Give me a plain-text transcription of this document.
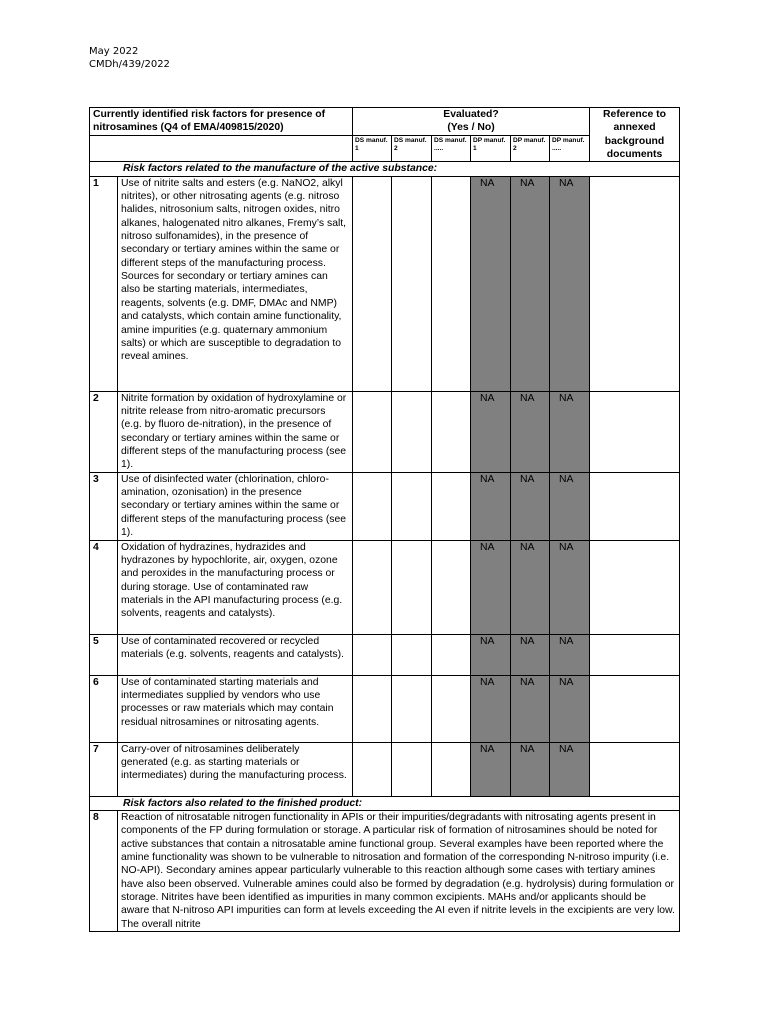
May 2022
CMDh/439/2022
Currently identified risk factors for presence of nitrosamines (Q4 of EMA/409815/2020)		Evaluated?
(Yes / No)						Reference to annexed background documents
		DS manuf. 1	DS manuf. 2	DS manuf. .....	DP manuf. 1	DP manuf. 2	DP manuf. .....	
Risk factors related to the manufacture of the active substance:								
1	Use of nitrite salts and esters (e.g. NaNO2, alkyl nitrites), or other nitrosating agents (e.g. nitroso halides, nitrosonium salts, nitrogen oxides, nitro alkanes, halogenated nitro alkanes, Fremy’s salt, nitroso sulfonamides), in the presence of secondary or tertiary amines within the same or different steps of the manufacturing process. Sources for secondary or tertiary amines can also be starting materials, intermediates, reagents, solvents (e.g. DMF, DMAc and NMP) and catalysts, which contain amine functionality, amine impurities (e.g. quaternary ammonium salts) or which are susceptible to degradation to reveal amines.				NA	NA	NA	
2	Nitrite formation by oxidation of hydroxylamine or nitrite release from nitro-aromatic precursors (e.g. by fluoro de-nitration), in the presence of secondary or tertiary amines within the same or different steps of the manufacturing process (see 1).				NA	NA	NA	
3	Use of disinfected water (chlorination, chloro-amination, ozonisation) in the presence secondary or tertiary amines within the same or different steps of the manufacturing process (see 1).				NA	NA	NA	
4	Oxidation of hydrazines, hydrazides and hydrazones by hypochlorite, air, oxygen, ozone and peroxides in the manufacturing process or during storage. Use of contaminated raw materials in the API manufacturing process (e.g. solvents, reagents and catalysts).				NA	NA	NA	
5	Use of contaminated recovered or recycled materials (e.g. solvents, reagents and catalysts).				NA	NA	NA	
6	Use of contaminated starting materials and intermediates supplied by vendors who use processes or raw materials which may contain residual nitrosamines or nitrosating agents.				NA	NA	NA	
7	Carry-over of nitrosamines deliberately generated (e.g. as starting materials or intermediates) during the manufacturing process.				NA	NA	NA	
Risk factors also related to the finished product:								
8	Reaction of nitrosatable nitrogen functionality in APIs or their impurities/degradants with nitrosating agents present in components of the FP during formulation or storage. A particular risk of formation of nitrosamines should be noted for active substances that contain a nitrosatable amine functional group. Several examples have been reported where the amine functionality was shown to be vulnerable to nitrosation and formation of the corresponding N-nitroso impurity (i.e. NO-API). Secondary amines appear particularly vulnerable to this reaction although some cases with tertiary amines have also been observed. Vulnerable amines could also be formed by degradation (e.g. hydrolysis) during formulation or storage. Nitrites have been identified as impurities in many common excipients. MAHs and/or applicants should be aware that N-nitroso API impurities can form at levels exceeding the AI even if nitrite levels in the excipients are very low. The overall nitrite							
